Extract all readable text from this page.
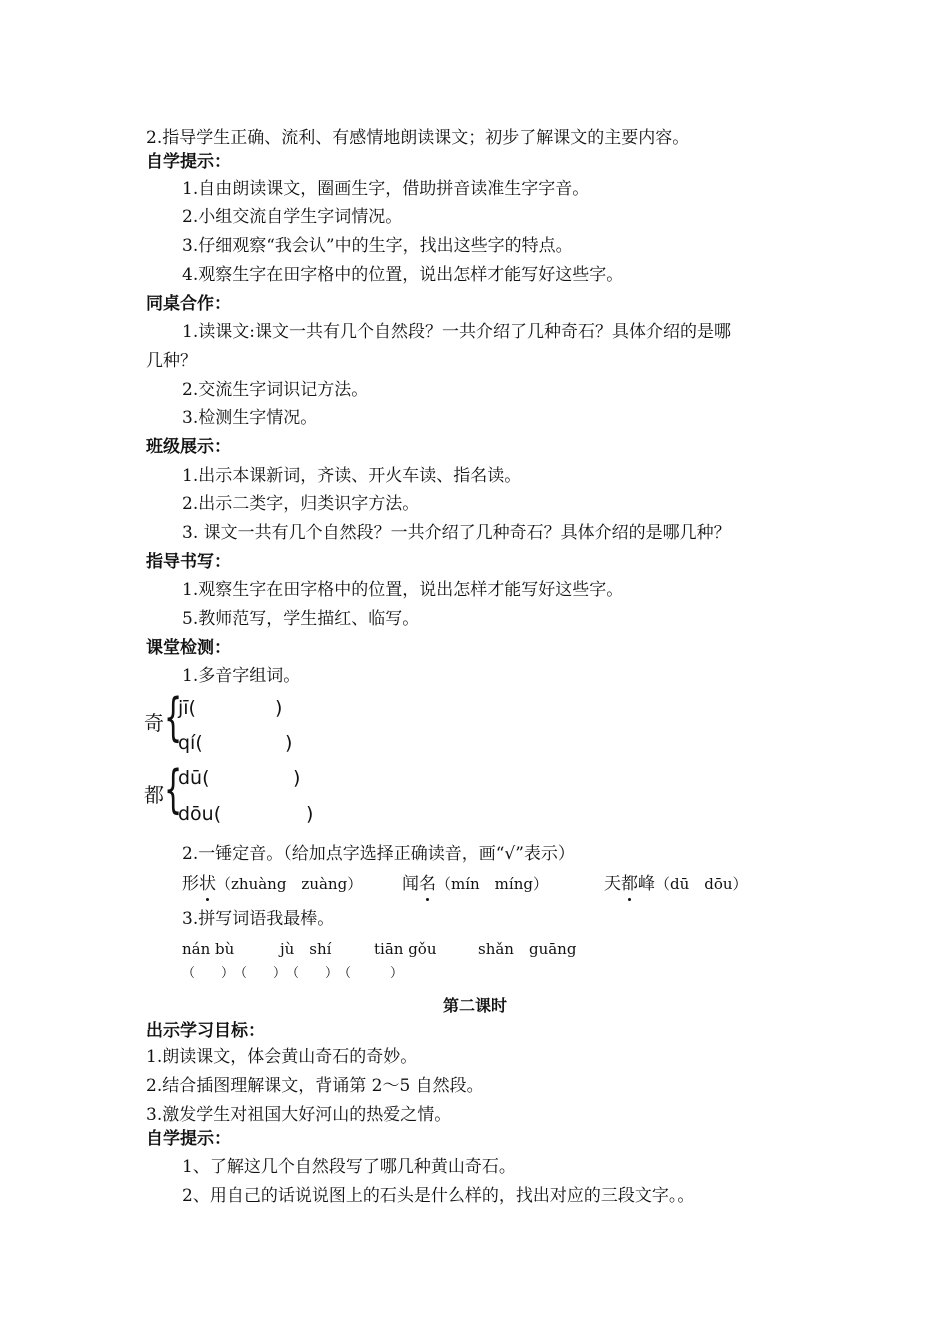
2.指导学生正确、流利、有感情地朗读课文；初步了解课文的主要内容。
自学提示：
1.自由朗读课文，圈画生字，借助拼音读准生字字音。
2.小组交流自学生字词情况。
3.仔细观察“我会认”中的生字，找出这些字的特点。
4.观察生字在田字格中的位置，说出怎样才能写好这些字。
同桌合作：
1.读课文:课文一共有几个自然段？一共介绍了几种奇石？具体介绍的是哪
几种？
2.交流生字词识记方法。
3.检测生字情况。
班级展示：
1.出示本课新词，齐读、开火车读、指名读。
2.出示二类字，归类识字方法。
3. 课文一共有几个自然段？一共介绍了几种奇石？具体介绍的是哪几种？
指导书写：
1.观察生字在田字格中的位置，说出怎样才能写好这些字。
5.教师范写，学生描红、临写。
课堂检测：
1.多音字组词。
奇 {
jī(	)
qí(	)
都 {
dū(	)
dōu(	)
2.一锤定音。（给加点字选择正确读音，画“√”表示）
形状（zhuàng　zuàng） 闻名（mín　míng）	天都峰（dū　dōu）
3.拼写词语我最棒。
nán bù	jù　shí	tiān gǒu	shǎn　guāng
（　　）　（　　）　（　　）　（　　　）
第二课时
出示学习目标：
1.朗读课文，体会黄山奇石的奇妙。
2.结合插图理解课文，背诵第 2～5 自然段。
3.激发学生对祖国大好河山的热爱之情。
自学提示：
1、了解这几个自然段写了哪几种黄山奇石。
2、用自己的话说说图上的石头是什么样的，找出对应的三段文字。。
